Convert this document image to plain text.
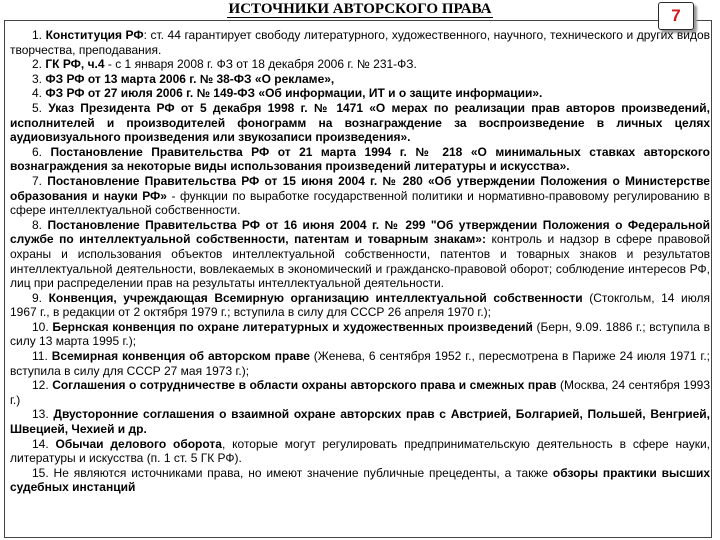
ИСТОЧНИКИ АВТОРСКОГО ПРАВА	7

1. Конституция РФ: ст. 44 гарантирует свободу литературного, художественного, научного, технического и других видов творчества, преподавания.

2. ГК РФ, ч.4 - с 1 января 2008 г. ФЗ от 18 декабря 2006 г. № 231-ФЗ.

3. ФЗ РФ от 13 марта 2006 г. № 38-ФЗ «О рекламе»,

4. ФЗ РФ от 27 июля 2006 г. № 149-ФЗ «Об информации, ИТ и о защите информации».

5. Указ Президента РФ от 5 декабря 1998 г. № 1471 «О мерах по реализации прав авторов произведений, исполнителей и производителей фонограмм на вознаграждение за воспроизведение в личных целях аудиовизуального произведения или звукозаписи произведения».

6. Постановление Правительства РФ от 21 марта 1994 г. № 218 «О минимальных ставках авторского вознаграждения за некоторые виды использования произведений литературы и искусства».

7. Постановление Правительства РФ от 15 июня 2004 г. № 280 «Об утверждении Положения о Министерстве образования и науки РФ» - функции по выработке государственной политики и нормативно-правовому регулированию в сфере интеллектуальной собственности.

8. Постановление Правительства РФ от 16 июня 2004 г. № 299 "Об утверждении Положения о Федеральной службе по интеллектуальной собственности, патентам и товарным знакам»: контроль и надзор в сфере правовой охраны и использования объектов интеллектуальной собственности, патентов и товарных знаков и результатов интеллектуальной деятельности, вовлекаемых в экономический и гражданско-правовой оборот; соблюдение интересов РФ, лиц при распределении прав на результаты интеллектуальной деятельности.

9. Конвенция, учреждающая Всемирную организацию интеллектуальной собственности (Стокгольм, 14 июля 1967 г., в редакции от 2 октября 1979 г.; вступила в силу для СССР 26 апреля 1970 г.);

10. Бернская конвенция по охране литературных и художественных произведений (Берн, 9.09. 1886 г.; вступила в силу 13 марта 1995 г.);

11. Всемирная конвенция об авторском праве (Женева, 6 сентября 1952 г., пересмотрена в Париже 24 июля 1971 г.; вступила в силу для СССР 27 мая 1973 г.);

12. Соглашения о сотрудничестве в области охраны авторского права и смежных прав (Москва, 24 сентября 1993 г.)

13. Двусторонние соглашения о взаимной охране авторских прав с Австрией, Болгарией, Польшей, Венгрией, Швецией, Чехией и др.

14. Обычаи делового оборота, которые могут регулировать предпринимательскую деятельность в сфере науки, литературы и искусства (п. 1 ст. 5 ГК РФ).

15. Не являются источниками права, но имеют значение публичные прецеденты, а также обзоры практики высших судебных инстанций
